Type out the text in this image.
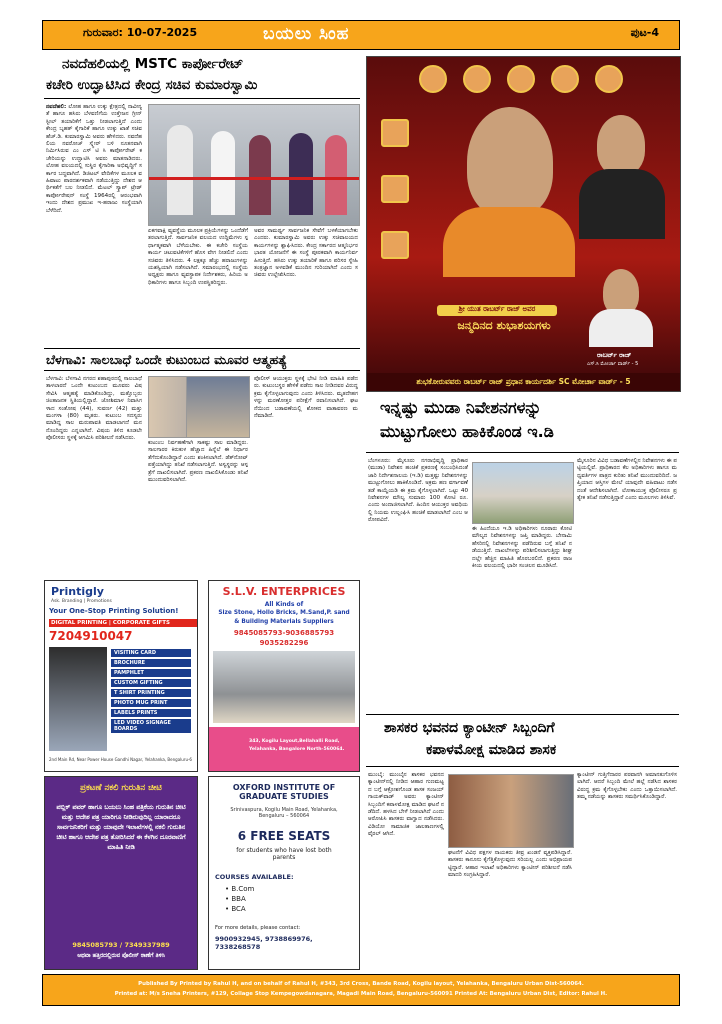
ಗುರುವಾರ: 10-07-2025	ಬಯಲು ಸಿಂಹ	ಪುಟ-4
ನವದೆಹಲಿಯಲ್ಲಿ MSTC ಕಾರ್ಪೋರೇಟ್
ಕಚೇರಿ ಉದ್ಘಾಟಿಸಿದ ಕೇಂದ್ರ ಸಚಿವ ಕುಮಾರಸ್ವಾಮಿ
ನವದೆಹಲಿ: ಲೋಹ ಹಾಗೂ ಉಕ್ಕು ಕ್ಷೇತ್ರದಲ್ಲಿ ನಾವೀನ್ಯತೆ ಹಾಗೂ ಹಸಿರು ಬೆಳವಣಿಗೆಯ ಉತ್ತೇಜನ ಗ್ರೀನ್ ಸ್ಟೀಲ್ ತಯಾರಿಕೆಗೆ ಒತ್ತು ನೀಡಲಾಗುತ್ತಿದೆ ಎಂದು ಕೇಂದ್ರ ಬೃಹತ್ ಕೈಗಾರಿಕೆ ಹಾಗೂ ಉಕ್ಕು ಖಾತೆ ಸಚಿವ ಹೆಚ್.ಡಿ. ಕುಮಾರಸ್ವಾಮಿ ಅವರು ಹೇಳಿದರು. ನವದೆಹಲಿಯ ನವರೋಜ್ ಸ್ಕ್ವೇರ್ ಬಳಿ ನೂತನವಾಗಿ ನಿರ್ಮಿಸಿರುವ ಎಂ ಎಸ್ ಟಿ ಸಿ ಕಾರ್ಪೋರೇಟ್ ಕಚೇರಿಯನ್ನು ಉದ್ಘಾಟಿಸಿ ಅವರು ಮಾತನಾಡಿದರು. ಲೋಹ ವಲಯದಲ್ಲಿ ಸುಸ್ಥಿರ ಕೈಗಾರಿಕಾ ಅಭಿವೃದ್ಧಿಗೆ ಸರ್ಕಾರ ಬದ್ಧವಾಗಿದೆ. ಡಿಜಿಟಲ್ ವೇದಿಕೆಗಳ ಮೂಲಕ ವಹಿವಾಟು ಪಾರದರ್ಶಕವಾಗಿ ನಡೆಯುತ್ತಿದ್ದು ದೇಶದ ಆರ್ಥಿಕತೆಗೆ ಬಲ ನೀಡಲಿದೆ. ಮೆಟಲ್ ಸ್ಕ್ರಾಪ್ ಟ್ರೇಡ್ ಕಾರ್ಪೋರೇಷನ್ ಸಂಸ್ಥೆ 1964ರಲ್ಲಿ ಆರಂಭವಾಗಿ ಇಂದು ದೇಶದ ಪ್ರಮುಖ ಇ-ಹರಾಜು ಸಂಸ್ಥೆಯಾಗಿ ಬೆಳೆದಿದೆ.
ಏಕಗವಾಕ್ಷಿ ವ್ಯವಸ್ಥೆಯ ಮೂಲಕ ಪ್ರಕ್ರಿಯೆಗಳನ್ನು ಒಂದೆಡೆಗೆ ತರಲಾಗುತ್ತಿದೆ. ಸಾರ್ವಜನಿಕ ವಲಯದ ಉದ್ದಿಮೆಗಳು ಸ್ಪರ್ಧಾತ್ಮಕವಾಗಿ ಬೆಳೆಯಬೇಕು. ಈ ಕಚೇರಿ ಸಂಸ್ಥೆಯ ಕಾರ್ಯ ಚಟುವಟಿಕೆಗಳಿಗೆ ಹೊಸ ವೇಗ ನೀಡಲಿದೆ ಎಂದು ಸಚಿವರು ತಿಳಿಸಿದರು. 4 ಲಕ್ಷಕ್ಕೂ ಹೆಚ್ಚು ಹರಾಜುಗಳನ್ನು ಯಶಸ್ವಿಯಾಗಿ ನಡೆಸಲಾಗಿದೆ. ಸಮಾರಂಭದಲ್ಲಿ ಸಂಸ್ಥೆಯ ಅಧ್ಯಕ್ಷರು ಹಾಗೂ ವ್ಯವಸ್ಥಾಪಕ ನಿರ್ದೇಶಕರು, ಹಿರಿಯ ಅಧಿಕಾರಿಗಳು ಹಾಗೂ ಸಿಬ್ಬಂದಿ ಉಪಸ್ಥಿತರಿದ್ದರು.
ಅವರ ಸಾಮರ್ಥ್ಯ ಸಾರ್ವಜನಿಕ ಸೇವೆಗೆ ಬಳಕೆಯಾಗಬೇಕು ಎಂದರು. ಕುಮಾರಸ್ವಾಮಿ ಅವರು ಉಕ್ಕು ಸಚಿವಾಲಯದ ಕಾರ್ಯಗಳನ್ನು ಶ್ಲಾಘಿಸಿದರು. ಕೇಂದ್ರ ಸರ್ಕಾರದ ಆತ್ಮನಿರ್ಭರ ಭಾರತ ಯೋಜನೆಗೆ ಈ ಸಂಸ್ಥೆ ಪೂರಕವಾಗಿ ಕಾರ್ಯನಿರ್ವಹಿಸುತ್ತಿದೆ. ಹಸಿರು ಉಕ್ಕು ತಯಾರಿಕೆ ಹಾಗೂ ಪರಿಸರ ಸ್ನೇಹಿ ತಂತ್ರಜ್ಞಾನ ಅಳವಡಿಕೆ ಮುಂದಿನ ಗುರಿಯಾಗಿದೆ ಎಂದು ಸಚಿವರು ಉಲ್ಲೇಖಿಸಿದರು.
ಶ್ರೀ ಯುತ ರಾಬರ್ಟ್ ರಾಜ್ ಅವರ
ಜನ್ಮದಿನದ ಶುಭಾಶಯಗಳು
ರಾಬರ್ಟ್ ರಾಜ್
ಎಸ್.ಸಿ ಮೋರ್ಚಾ ವಾರ್ಡ್ - 5
ಶುಭಕೋರುವವರು ರಾಬರ್ಟ್ ರಾಜ್ ಪ್ರಧಾನ ಕಾರ್ಯದರ್ಶಿ SC ಮೋರ್ಚಾ ವಾರ್ಡ್ - 5
ಬೆಳಗಾವಿ: ಸಾಲಬಾಧೆ ಒಂದೇ ಕುಟುಂಬದ ಮೂವರ ಆತ್ಮಹತ್ಯೆ
ಬೆಳಗಾವಿ: ಬೆಳಗಾವಿ ನಗರದ ಶಹಾಪುರದಲ್ಲಿ ಸಾಲಬಾಧೆ ತಾಳಲಾರದೆ ಒಂದೇ ಕುಟುಂಬದ ಮೂವರು ವಿಷ ಸೇವಿಸಿ ಆತ್ಮಹತ್ಯೆ ಮಾಡಿಕೊಂಡಿದ್ದು, ಮತ್ತೊಬ್ಬರು ಚಿಂತಾಜನಕ ಸ್ಥಿತಿಯಲ್ಲಿದ್ದಾರೆ. ಜೋಶಿಮಾಳ ನಿವಾಸಿಗಳಾದ ಸಂತೋಷ (44), ಸುವರ್ಣ (42) ಮತ್ತು ಮಂಗಳಾ (80) ಮೃತರು. ಕುಟುಂಬ ಸದಸ್ಯರು ಮಾಡಿದ್ದ ಸಾಲ ಮರುಪಾವತಿ ಮಾಡಲಾಗದೆ ಮನನೊಂದಿದ್ದರು ಎನ್ನಲಾಗಿದೆ. ವಿಷಯ ತಿಳಿದ ಕೂಡಲೇ ಪೊಲೀಸರು ಸ್ಥಳಕ್ಕೆ ಆಗಮಿಸಿ ಪರಿಶೀಲನೆ ನಡೆಸಿದರು.
ಕುಟುಂಬ ನಿರ್ವಹಣೆಗಾಗಿ ಸಾಕಷ್ಟು ಸಾಲ ಮಾಡಿದ್ದರು. ಸಾಲಗಾರರ ಕಿರುಕುಳ ಹೆಚ್ಚಾದ ಹಿನ್ನೆಲೆ ಈ ನಿರ್ಧಾರ ತೆಗೆದುಕೊಂಡಿದ್ದಾರೆ ಎಂದು ಶಂಕಿಸಲಾಗಿದೆ. ಡೆತ್‌ನೋಟ್ ಪತ್ತೆಯಾಗಿದ್ದು ತನಿಖೆ ನಡೆಸಲಾಗುತ್ತಿದೆ. ಅಸ್ವಸ್ಥರನ್ನು ಆಸ್ಪತ್ರೆಗೆ ದಾಖಲಿಸಲಾಗಿದೆ. ಪ್ರಕರಣ ದಾಖಲಿಸಿಕೊಂಡು ತನಿಖೆ ಮುಂದುವರಿಸಲಾಗಿದೆ.
ಪೊಲೀಸ್ ಆಯುಕ್ತರು ಸ್ಥಳಕ್ಕೆ ಭೇಟಿ ನೀಡಿ ಮಾಹಿತಿ ಪಡೆದರು. ಕುಟುಂಬಸ್ಥರ ಹೇಳಿಕೆ ಪಡೆದು ಸಾಲ ನೀಡಿದವರ ವಿರುದ್ಧ ಕ್ರಮ ಕೈಗೊಳ್ಳಲಾಗುವುದು ಎಂದು ತಿಳಿಸಿದರು. ಮೃತದೇಹಗಳನ್ನು ಮರಣೋತ್ತರ ಪರೀಕ್ಷೆಗೆ ರವಾನಿಸಲಾಗಿದೆ. ಘಟನೆಯಿಂದ ಬಡಾವಣೆಯಲ್ಲಿ ಶೋಕದ ವಾತಾವರಣ ಮನೆಮಾಡಿದೆ.	ಇನ್ನಷ್ಟು ಮುಡಾ ನಿವೇಶನಗಳನ್ನು
ಮುಟ್ಟುಗೋಲು ಹಾಕಿಕೊಂಡ ಇ.ಡಿ
ಬೆಂಗಳೂರು: ಮೈಸೂರು ನಗರಾಭಿವೃದ್ಧಿ ಪ್ರಾಧಿಕಾರ (ಮುಡಾ) ನಿವೇಶನ ಹಂಚಿಕೆ ಪ್ರಕರಣಕ್ಕೆ ಸಂಬಂಧಿಸಿದಂತೆ ಜಾರಿ ನಿರ್ದೇಶನಾಲಯ (ಇ.ಡಿ) ಮತ್ತಷ್ಟು ನಿವೇಶನಗಳನ್ನು ಮುಟ್ಟುಗೋಲು ಹಾಕಿಕೊಂಡಿದೆ. ಅಕ್ರಮ ಹಣ ವರ್ಗಾವಣೆ ತಡೆ ಕಾಯ್ದೆಯಡಿ ಈ ಕ್ರಮ ಕೈಗೊಳ್ಳಲಾಗಿದೆ. ಒಟ್ಟು 40 ನಿವೇಶನಗಳ ಮೌಲ್ಯ ಸುಮಾರು 100 ಕೋಟಿ ರೂ. ಎಂದು ಅಂದಾಜಿಸಲಾಗಿದೆ. ಹಿಂದಿನ ಆಯುಕ್ತರ ಅವಧಿಯಲ್ಲಿ ನಿಯಮ ಉಲ್ಲಂಘಿಸಿ ಹಂಚಿಕೆ ಮಾಡಲಾಗಿದೆ ಎಂಬ ಆರೋಪವಿದೆ.
ಈ ಹಿಂದೆಯೂ ಇ.ಡಿ ಅಧಿಕಾರಿಗಳು ನೂರಾರು ಕೋಟಿ ಮೌಲ್ಯದ ನಿವೇಶನಗಳನ್ನು ಜಪ್ತಿ ಮಾಡಿದ್ದರು. ಬೇನಾಮಿ ಹೆಸರಿನಲ್ಲಿ ನಿವೇಶನಗಳನ್ನು ಪಡೆದಿರುವ ಬಗ್ಗೆ ತನಿಖೆ ನಡೆಯುತ್ತಿದೆ. ದಾಖಲೆಗಳನ್ನು ಪರಿಶೀಲಿಸಲಾಗುತ್ತಿದ್ದು ಶೀಘ್ರದಲ್ಲೇ ಹೆಚ್ಚಿನ ಮಾಹಿತಿ ಹೊರಬರಲಿದೆ. ಪ್ರಕರಣ ರಾಜಕೀಯ ವಲಯದಲ್ಲಿ ಭಾರೀ ಸಂಚಲನ ಮೂಡಿಸಿದೆ.
ಮೈಸೂರಿನ ವಿವಿಧ ಬಡಾವಣೆಗಳಲ್ಲಿನ ನಿವೇಶನಗಳು ಈ ಪಟ್ಟಿಯಲ್ಲಿವೆ. ಪ್ರಾಧಿಕಾರದ ಕೆಲ ಅಧಿಕಾರಿಗಳು ಹಾಗೂ ಮಧ್ಯವರ್ತಿಗಳ ಪಾತ್ರದ ಕುರಿತು ತನಿಖೆ ಮುಂದುವರಿದಿದೆ. ಜಪ್ತಿಯಾದ ಆಸ್ತಿಗಳ ಮೇಲೆ ಯಾವುದೇ ವಹಿವಾಟು ನಡೆಸದಂತೆ ಆದೇಶಿಸಲಾಗಿದೆ. ಲೋಕಾಯುಕ್ತ ಪೊಲೀಸರೂ ಪ್ರತ್ಯೇಕ ತನಿಖೆ ನಡೆಸುತ್ತಿದ್ದಾರೆ ಎಂದು ಮೂಲಗಳು ತಿಳಿಸಿವೆ.
ಶಾಸಕರ ಭವನದ ಕ್ಯಾಂಟೀನ್ ಸಿಬ್ಬಂದಿಗೆ
ಕಪಾಳಮೋಕ್ಷ ಮಾಡಿದ ಶಾಸಕ
ಮುಂಬೈ: ಮುಂಬೈನ ಶಾಸಕರ ಭವನದ ಕ್ಯಾಂಟೀನ್‌ನಲ್ಲಿ ನೀಡಿದ ಆಹಾರ ಗುಣಮಟ್ಟದ ಬಗ್ಗೆ ಆಕ್ರೋಶಗೊಂಡ ಶಾಸಕ ಸಂಜಯ್ ಗಾಯಕ್‌ವಾಡ್ ಅವರು ಕ್ಯಾಂಟೀನ್ ಸಿಬ್ಬಂದಿಗೆ ಕಪಾಳಮೋಕ್ಷ ಮಾಡಿದ ಘಟನೆ ನಡೆದಿದೆ. ಹಳಸಿದ ಬೇಳೆ ನೀಡಲಾಗಿದೆ ಎಂದು ಆರೋಪಿಸಿ ಶಾಸಕರು ವಾಗ್ವಾದ ನಡೆಸಿದರು. ವಿಡಿಯೋ ಸಾಮಾಜಿಕ ಜಾಲತಾಣಗಳಲ್ಲಿ ವೈರಲ್ ಆಗಿದೆ.
ಘಟನೆಗೆ ವಿವಿಧ ಪಕ್ಷಗಳ ನಾಯಕರು ತೀವ್ರ ಖಂಡನೆ ವ್ಯಕ್ತಪಡಿಸಿದ್ದಾರೆ. ಶಾಸಕರು ಕಾನೂನು ಕೈಗೆತ್ತಿಕೊಳ್ಳುವುದು ಸರಿಯಲ್ಲ ಎಂದು ಅಭಿಪ್ರಾಯಪಟ್ಟಿದ್ದಾರೆ. ಆಹಾರ ಇಲಾಖೆ ಅಧಿಕಾರಿಗಳು ಕ್ಯಾಂಟೀನ್ ಪರಿಶೀಲನೆ ನಡೆಸಿ ಮಾದರಿ ಸಂಗ್ರಹಿಸಿದ್ದಾರೆ.
ಕ್ಯಾಂಟೀನ್ ಗುತ್ತಿಗೆದಾರರ ಪರವಾನಗಿ ಅಮಾನತುಗೊಳಿಸಲಾಗಿದೆ. ಆದರೆ ಸಿಬ್ಬಂದಿ ಮೇಲೆ ಹಲ್ಲೆ ನಡೆಸಿದ ಶಾಸಕರ ವಿರುದ್ಧ ಕ್ರಮ ಕೈಗೊಳ್ಳಬೇಕು ಎಂದು ಒತ್ತಾಯಿಸಲಾಗಿದೆ. ತಮ್ಮ ನಡೆಯನ್ನು ಶಾಸಕರು ಸಮರ್ಥಿಸಿಕೊಂಡಿದ್ದಾರೆ.
Printigly
Ask. Branding | Promotions
Your One-Stop Printing Solution!
DIGITAL PRINTING | CORPORATE GIFTS
7204910047
VISITING CARD
BROCHURE
PAMPHLET
CUSTOM GIFTING
T SHIRT PRINTING
PHOTO MUG PRINT
LABELS PRINTS
LED VIDEO SIGNAGE BOARDS
2nd Main Rd, Near Power House Gandhi Nagar, Yelahanka, Bengaluru-6
S.L.V. ENTERPRICES
All Kinds of
Size Stone, Hollo Bricks, M.Sand,P. sand
& Building Materials Suppliers
9845085793-9036885793
9035282296
343, Kogilu Layout,Bellahalli Road,
Yelahanka, Bangalore North-560064.
OXFORD INSTITUTE OF GRADUATE STUDIES
Srinivaspura, Kogilu Main Road, Yelahanka, Bengaluru – 560064
6 FREE SEATS
for students who have lost both parents
COURSES AVAILABLE:
• B.Com
• BBA
• BCA
For more details, please contact:
9900932945, 9738869976, 7338268578
ಪ್ರಕಟಣೆ ನಕಲಿ ಗುರುತಿನ ಚೀಟಿ
ಪಬ್ಲಿಕ್ ಪವರ್ ಹಾಗೂ ಬಯಲು ಸಿಂಹ ಪತ್ರಿಕೆಯ ಗುರುತಿನ ಚೀಟಿ ಮತ್ತು ಆದೇಶ ಪತ್ರ ಯಾರಿಗೂ ನೀಡಿರುವುದಿಲ್ಲ ಯಾರಾದರೂ ಸಾರ್ವಜನಿಕರಿಗೆ ಮತ್ತು ಯಾವುದೇ ಇಲಾಖೆಗಳಲ್ಲಿ ನಕಲಿ ಗುರುತಿನ ಚೀಟಿ ಹಾಗೂ ಆದೇಶ ಪತ್ರ ತೋರಿಸಿದರೆ ಈ ಕೆಳಗಿನ ದೂರವಾಣಿಗೆ ಮಾಹಿತಿ ನೀಡಿ
9845085793 / 7349337989
ಅಥವಾ ಹತ್ತಿರದಲ್ಲಿರುವ ಪೊಲೀಸ್ ಠಾಣೆಗೆ ತಿಳಿಸಿ
Published By Printed by Rahul H, and on behalf of Rahul H, #343, 3rd Cross, Bande Road, Kogilu layout, Yelahanka, Bengaluru Urban Dist-560064.
Printed at: M/s Sneha Printers, #129, Collage Stop Kempegowdanagara, Magadi Main Road, Bengaluru-560091 Printed At: Bengaluru Urban Dist, Editor: Rahul H.
